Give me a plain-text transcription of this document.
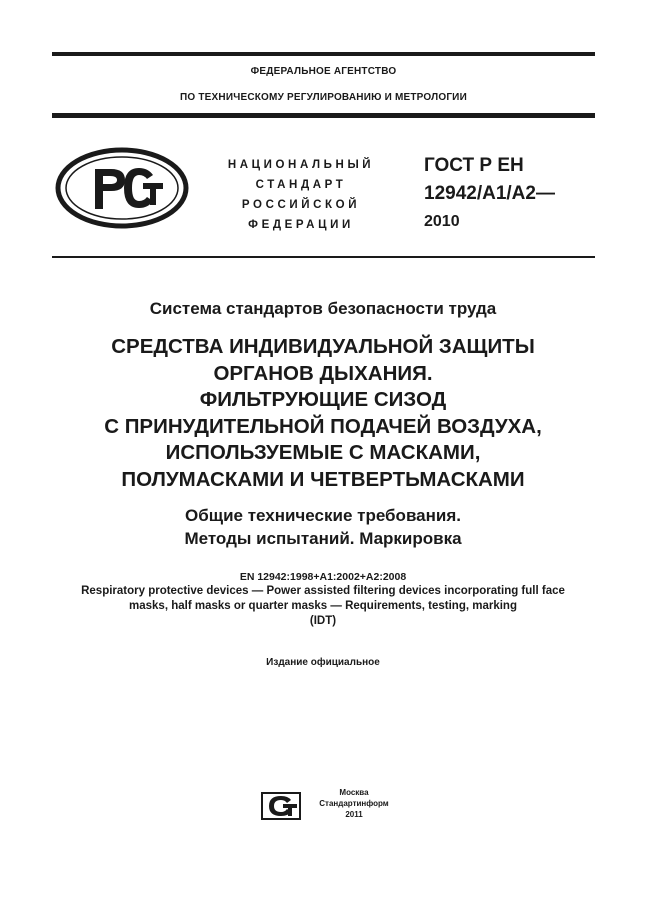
ФЕДЕРАЛЬНОЕ АГЕНТСТВО
ПО ТЕХНИЧЕСКОМУ РЕГУЛИРОВАНИЮ И МЕТРОЛОГИИ
НАЦИОНАЛЬНЫЙ
СТАНДАРТ
РОССИЙСКОЙ
ФЕДЕРАЦИИ
ГОСТ Р ЕН
12942/A1/A2—
2010
Система стандартов безопасности труда
СРЕДСТВА ИНДИВИДУАЛЬНОЙ ЗАЩИТЫ
ОРГАНОВ ДЫХАНИЯ.
ФИЛЬТРУЮЩИЕ СИЗОД
С ПРИНУДИТЕЛЬНОЙ ПОДАЧЕЙ ВОЗДУХА,
ИСПОЛЬЗУЕМЫЕ С МАСКАМИ,
ПОЛУМАСКАМИ И ЧЕТВЕРТЬМАСКАМИ
Общие технические требования.
Методы испытаний. Маркировка
EN 12942:1998+A1:2002+A2:2008
Respiratory protective devices — Power assisted filtering devices incorporating full face
masks, half masks or quarter masks — Requirements, testing, marking
(IDT)
Издание официальное
Москва
Стандартинформ
2011
